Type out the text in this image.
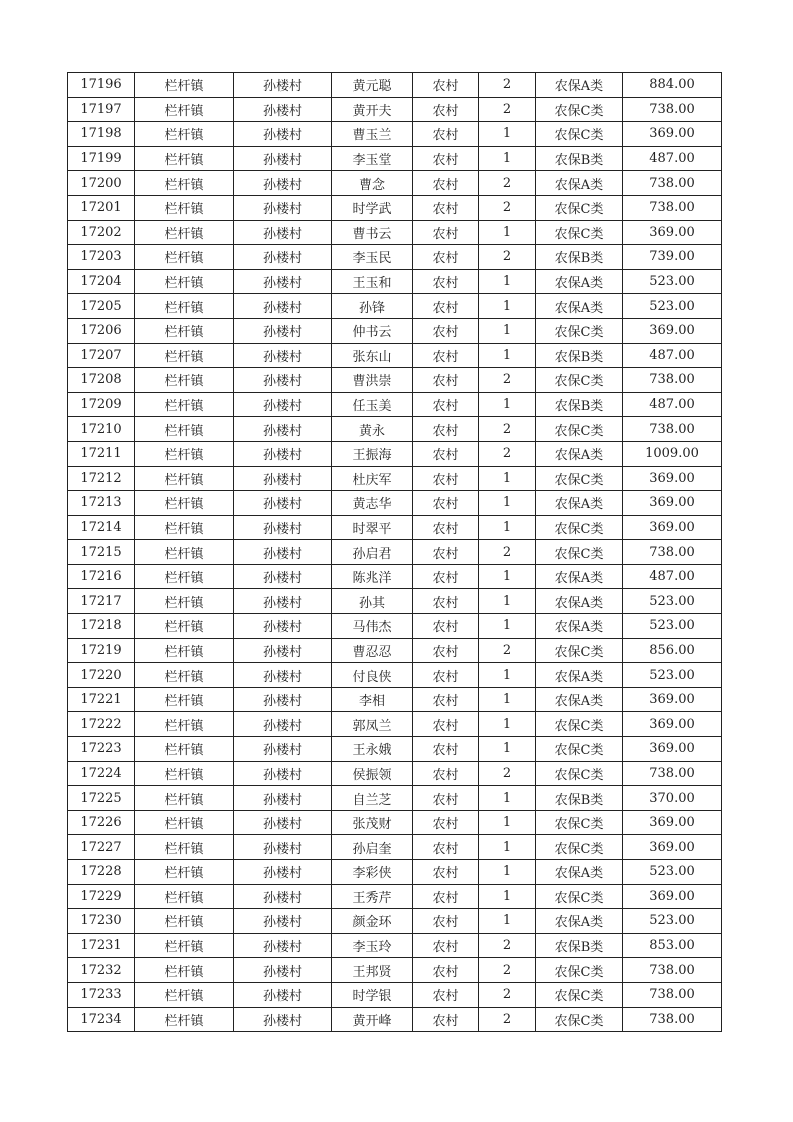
17196	栏杆镇	孙楼村	黄元聪	农村	2	农保A类	884.00
17197	栏杆镇	孙楼村	黄开夫	农村	2	农保C类	738.00
17198	栏杆镇	孙楼村	曹玉兰	农村	1	农保C类	369.00
17199	栏杆镇	孙楼村	李玉堂	农村	1	农保B类	487.00
17200	栏杆镇	孙楼村	曹念	农村	2	农保A类	738.00
17201	栏杆镇	孙楼村	时学武	农村	2	农保C类	738.00
17202	栏杆镇	孙楼村	曹书云	农村	1	农保C类	369.00
17203	栏杆镇	孙楼村	李玉民	农村	2	农保B类	739.00
17204	栏杆镇	孙楼村	王玉和	农村	1	农保A类	523.00
17205	栏杆镇	孙楼村	孙锋	农村	1	农保A类	523.00
17206	栏杆镇	孙楼村	仲书云	农村	1	农保C类	369.00
17207	栏杆镇	孙楼村	张东山	农村	1	农保B类	487.00
17208	栏杆镇	孙楼村	曹洪崇	农村	2	农保C类	738.00
17209	栏杆镇	孙楼村	任玉美	农村	1	农保B类	487.00
17210	栏杆镇	孙楼村	黄永	农村	2	农保C类	738.00
17211	栏杆镇	孙楼村	王振海	农村	2	农保A类	1009.00
17212	栏杆镇	孙楼村	杜庆军	农村	1	农保C类	369.00
17213	栏杆镇	孙楼村	黄志华	农村	1	农保A类	369.00
17214	栏杆镇	孙楼村	时翠平	农村	1	农保C类	369.00
17215	栏杆镇	孙楼村	孙启君	农村	2	农保C类	738.00
17216	栏杆镇	孙楼村	陈兆洋	农村	1	农保A类	487.00
17217	栏杆镇	孙楼村	孙其	农村	1	农保A类	523.00
17218	栏杆镇	孙楼村	马伟杰	农村	1	农保A类	523.00
17219	栏杆镇	孙楼村	曹忍忍	农村	2	农保C类	856.00
17220	栏杆镇	孙楼村	付良侠	农村	1	农保A类	523.00
17221	栏杆镇	孙楼村	李相	农村	1	农保A类	369.00
17222	栏杆镇	孙楼村	郭凤兰	农村	1	农保C类	369.00
17223	栏杆镇	孙楼村	王永娥	农村	1	农保C类	369.00
17224	栏杆镇	孙楼村	侯振领	农村	2	农保C类	738.00
17225	栏杆镇	孙楼村	自兰芝	农村	1	农保B类	370.00
17226	栏杆镇	孙楼村	张茂财	农村	1	农保C类	369.00
17227	栏杆镇	孙楼村	孙启奎	农村	1	农保C类	369.00
17228	栏杆镇	孙楼村	李彩侠	农村	1	农保A类	523.00
17229	栏杆镇	孙楼村	王秀芹	农村	1	农保C类	369.00
17230	栏杆镇	孙楼村	颜金环	农村	1	农保A类	523.00
17231	栏杆镇	孙楼村	李玉玲	农村	2	农保B类	853.00
17232	栏杆镇	孙楼村	王邦贤	农村	2	农保C类	738.00
17233	栏杆镇	孙楼村	时学银	农村	2	农保C类	738.00
17234	栏杆镇	孙楼村	黄开峰	农村	2	农保C类	738.00
